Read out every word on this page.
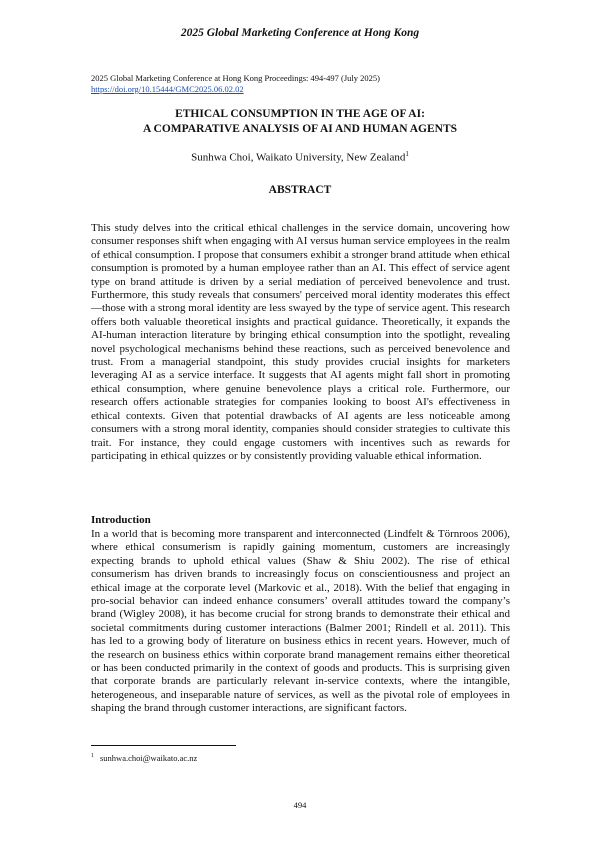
2025 Global Marketing Conference at Hong Kong
2025 Global Marketing Conference at Hong Kong Proceedings: 494-497 (July 2025)
https://doi.org/10.15444/GMC2025.06.02.02
ETHICAL CONSUMPTION IN THE AGE OF AI:
A COMPARATIVE ANALYSIS OF AI AND HUMAN AGENTS
Sunhwa Choi, Waikato University, New Zealand$^1$
ABSTRACT

This study delves into the critical ethical challenges in the service domain, uncovering how consumer responses shift when engaging with AI versus human service employees in the realm of ethical consumption. I propose that consumers exhibit a stronger brand attitude when ethical consumption is promoted by a human employee rather than an AI. This effect of service agent type on brand attitude is driven by a serial mediation of perceived benevolence and trust. Furthermore, this study reveals that consumers' perceived moral identity moderates this effect—those with a strong moral identity are less swayed by the type of service agent. This research offers both valuable theoretical insights and practical guidance. Theoretically, it expands the AI-human interaction literature by bringing ethical consumption into the spotlight, revealing novel psychological mechanisms behind these reactions, such as perceived benevolence and trust. From a managerial standpoint, this study provides crucial insights for marketers leveraging AI as a service interface. It suggests that AI agents might fall short in promoting ethical consumption, where genuine benevolence plays a critical role. Furthermore, our research offers actionable strategies for companies looking to boost AI's effectiveness in ethical contexts. Given that potential drawbacks of AI agents are less noticeable among consumers with a strong moral identity, companies should consider strategies to cultivate this trait. For instance, they could engage customers with incentives such as rewards for participating in ethical quizzes or by consistently providing valuable ethical information.

Introduction

In a world that is becoming more transparent and interconnected (Lindfelt & Törnroos 2006), where ethical consumerism is rapidly gaining momentum, customers are increasingly expecting brands to uphold ethical values (Shaw & Shiu 2002). The rise of ethical consumerism has driven brands to increasingly focus on conscientiousness and project an ethical image at the corporate level (Markovic et al., 2018). With the belief that engaging in pro-social behavior can indeed enhance consumers’ overall attitudes toward the company’s brand (Wigley 2008), it has become crucial for strong brands to demonstrate their ethical and societal commitments during customer interactions (Balmer 2001; Rindell et al. 2011). This has led to a growing body of literature on business ethics in recent years. However, much of the research on business ethics within corporate brand management remains either theoretical or has been conducted primarily in the context of goods and products. This is surprising given that corporate brands are particularly relevant in-service contexts, where the intangible, heterogeneous, and inseparable nature of services, as well as the pivotal role of employees in shaping the brand through customer interactions, are significant factors.

$^1$ sunhwa.choi@waikato.ac.nz
494
